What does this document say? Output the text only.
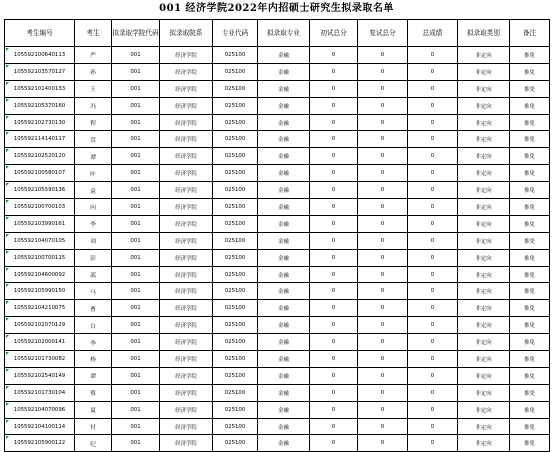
001 经济学院2022年内招硕士研究生拟录取名单
考生编号	考生	拟录取学院代码	拟录取院系	专业代码	拟录取专业	初试总分	复试总分	总成绩	拟录取类别	备注
105592100640113	严	001	经济学院	025100	金融	0	0	0	非定向	推免
105592103570127	孙	001	经济学院	025100	金融	0	0	0	非定向	推免
105592101400133	王	001	经济学院	025100	金融	0	0	0	非定向	推免
105592105370160	冯	001	经济学院	025100	金融	0	0	0	非定向	推免
105592102730130	程	001	经济学院	025100	金融	0	0	0	非定向	推免
105592114140117	萱	001	经济学院	025100	金融	0	0	0	非定向	推免
105592102520120	谭	001	经济学院	025100	金融	0	0	0	非定向	推免
105592100580107	叶	001	经济学院	025100	金融	0	0	0	非定向	推免
105592105590136	袁	001	经济学院	025100	金融	0	0	0	非定向	推免
105592100700103	向	001	经济学院	025100	金融	0	0	0	非定向	推免
105592103990161	李	001	经济学院	025100	金融	0	0	0	非定向	推免
105592104070105	刘	001	经济学院	025100	金融	0	0	0	非定向	推免
105592100700115	彭	001	经济学院	025100	金融	0	0	0	非定向	推免
105592104600092	邵	001	经济学院	025100	金融	0	0	0	非定向	推免
105592105990150	马	001	经济学院	025100	金融	0	0	0	非定向	推免
105592104210075	曹	001	经济学院	025100	金融	0	0	0	非定向	推免
105592102070129	白	001	经济学院	025100	金融	0	0	0	非定向	推免
105592102000141	李	001	经济学院	025100	金融	0	0	0	非定向	推免
105592101730082	杨	001	经济学院	025100	金融	0	0	0	非定向	推免
105592102540149	谭	001	经济学院	025100	金融	0	0	0	非定向	推免
105592101730104	蔡	001	经济学院	025100	金融	0	0	0	非定向	推免
105592104070096	夏	001	经济学院	025100	金融	0	0	0	非定向	推免
105592104100114	付	001	经济学院	025100	金融	0	0	0	非定向	推免
105592105900122	纪	001	经济学院	025100	金融	0	0	0	非定向	推免
